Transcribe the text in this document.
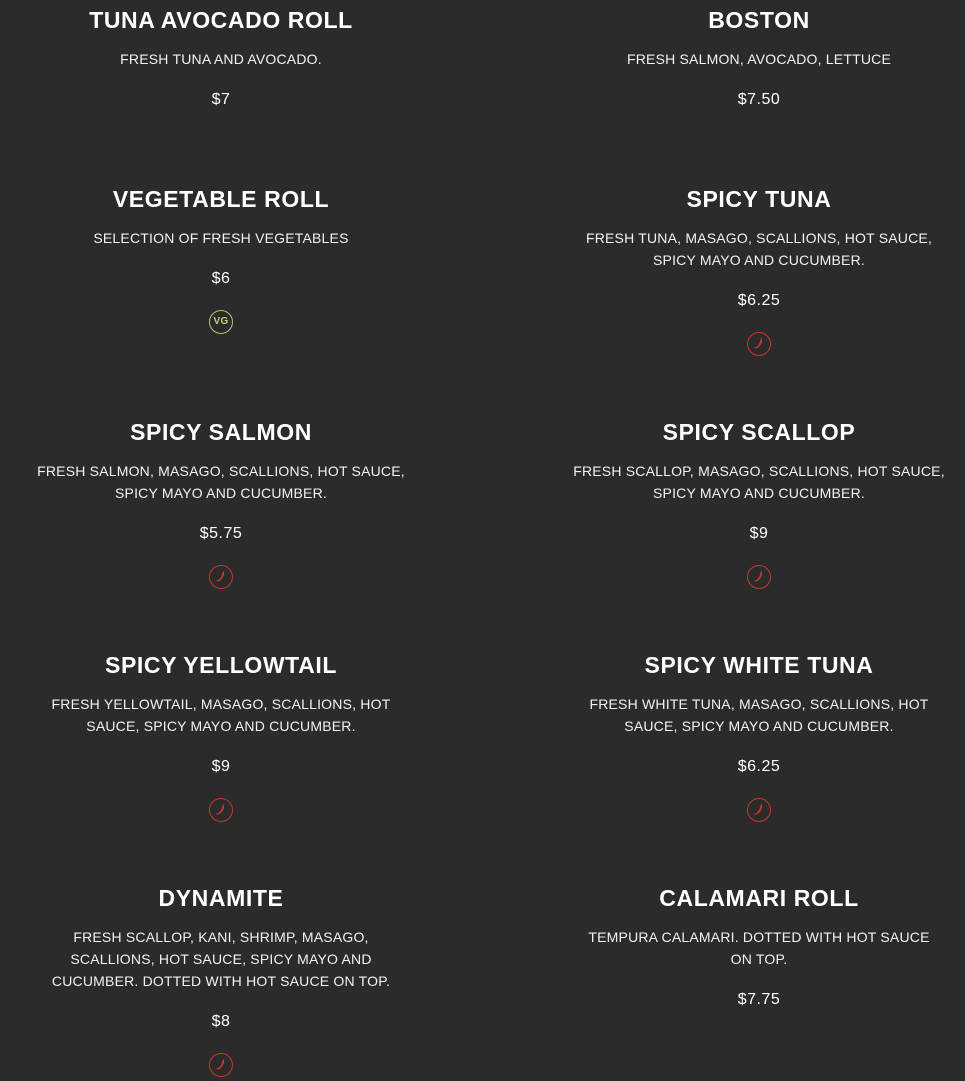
TUNA AVOCADO ROLL

FRESH TUNA AND AVOCADO.

$7

BOSTON

FRESH SALMON, AVOCADO, LETTUCE

$7.50

VEGETABLE ROLL

SELECTION OF FRESH VEGETABLES

$6

VG

SPICY TUNA

FRESH TUNA, MASAGO, SCALLIONS, HOT SAUCE, SPICY MAYO AND CUCUMBER.

$6.25

SPICY SALMON

FRESH SALMON, MASAGO, SCALLIONS, HOT SAUCE, SPICY MAYO AND CUCUMBER.

$5.75

SPICY SCALLOP

FRESH SCALLOP, MASAGO, SCALLIONS, HOT SAUCE, SPICY MAYO AND CUCUMBER.

$9

SPICY YELLOWTAIL

FRESH YELLOWTAIL, MASAGO, SCALLIONS, HOT SAUCE, SPICY MAYO AND CUCUMBER.

$9

SPICY WHITE TUNA

FRESH WHITE TUNA, MASAGO, SCALLIONS, HOT SAUCE, SPICY MAYO AND CUCUMBER.

$6.25

DYNAMITE

FRESH SCALLOP, KANI, SHRIMP, MASAGO, SCALLIONS, HOT SAUCE, SPICY MAYO AND CUCUMBER. DOTTED WITH HOT SAUCE ON TOP.

$8

CALAMARI ROLL

TEMPURA CALAMARI. DOTTED WITH HOT SAUCE ON TOP.

$7.75
